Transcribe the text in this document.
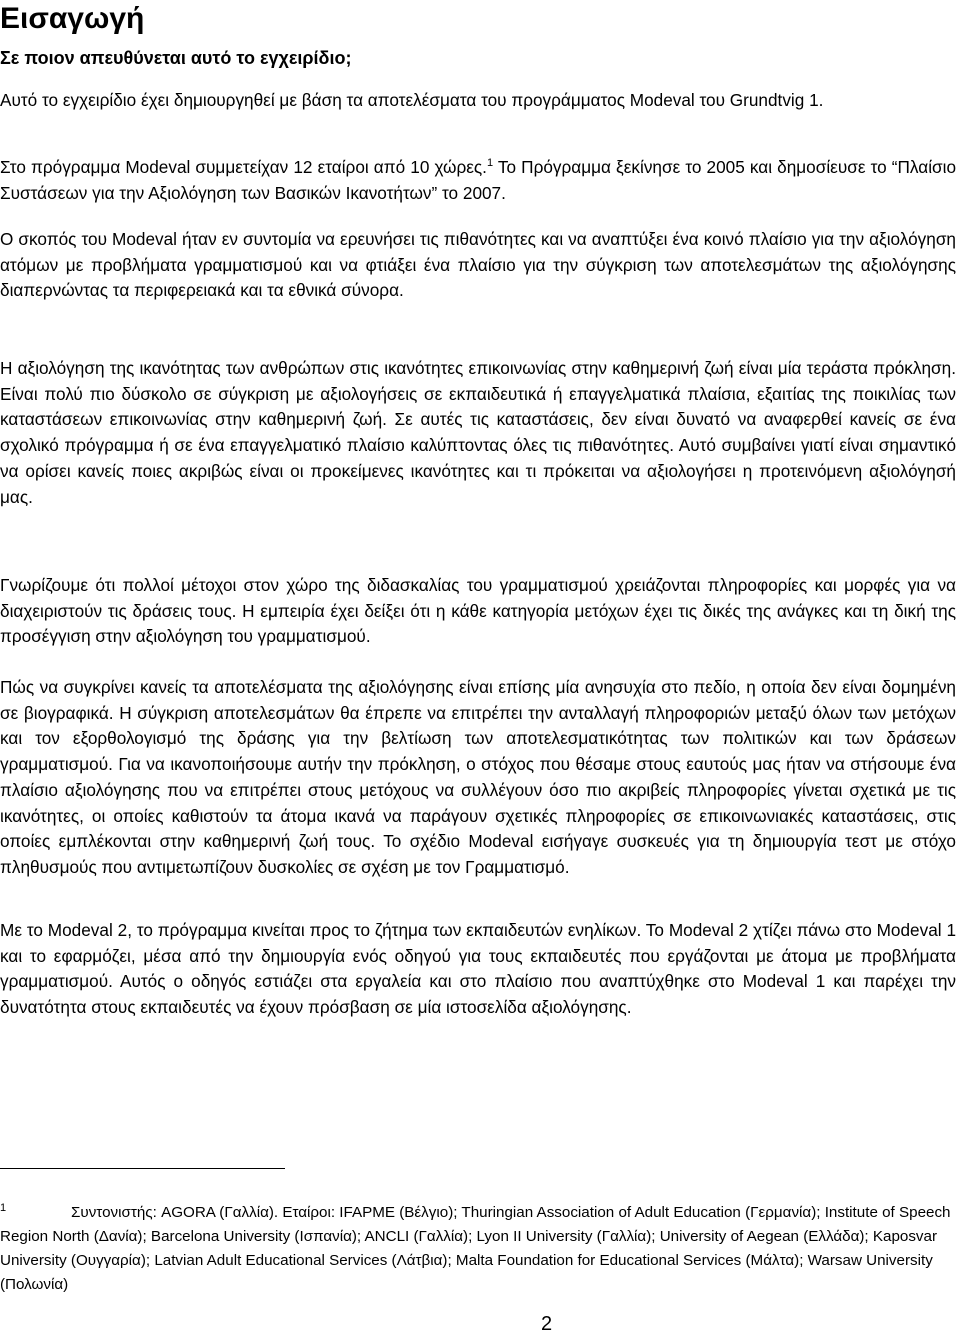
Εισαγωγή
Σε ποιον απευθύνεται αυτό το εγχειρίδιο;

Αυτό το εγχειρίδιο έχει δημιουργηθεί με βάση τα αποτελέσματα του προγράμματος Modeval του Grundtvig 1.

Στο πρόγραμμα Modeval συμμετείχαν 12 εταίροι από 10 χώρες.$^1$ Το Πρόγραμμα ξεκίνησε το 2005 και δημοσίευσε το “Πλαίσιο Συστάσεων για την Αξιολόγηση των Βασικών Ικανοτήτων” το 2007.

Ο σκοπός του Modeval ήταν εν συντομία να ερευνήσει τις πιθανότητες και να αναπτύξει ένα κοινό πλαίσιο για την αξιολόγηση ατόμων με προβλήματα γραμματισμού και να φτιάξει ένα πλαίσιο για την σύγκριση των αποτελεσμάτων της αξιολόγησης διαπερνώντας τα περιφερειακά και τα εθνικά σύνορα.

Η αξιολόγηση της ικανότητας των ανθρώπων στις ικανότητες επικοινωνίας στην καθημερινή ζωή είναι μία τεράστα πρόκληση. Είναι πολύ πιο δύσκολο σε σύγκριση με αξιολογήσεις σε εκπαιδευτικά ή επαγγελματικά πλαίσια, εξαιτίας της ποικιλίας των καταστάσεων επικοινωνίας στην καθημερινή ζωή. Σε αυτές τις καταστάσεις, δεν είναι δυνατό να αναφερθεί κανείς σε ένα σχολικό πρόγραμμα ή σε ένα επαγγελματικό πλαίσιο καλύπτοντας όλες τις πιθανότητες. Αυτό συμβαίνει γιατί είναι σημαντικό να ορίσει κανείς ποιες ακριβώς είναι οι προκείμενες ικανότητες και τι πρόκειται να αξιολογήσει η προτεινόμενη αξιολόγησή μας.

Γνωρίζουμε ότι πολλοί μέτοχοι στον χώρο της διδασκαλίας του γραμματισμού χρειάζονται πληροφορίες και μορφές για να διαχειριστούν τις δράσεις τους. Η εμπειρία έχει δείξει ότι η κάθε κατηγορία μετόχων έχει τις δικές της ανάγκες και τη δική της προσέγγιση στην αξιολόγηση του γραμματισμού.

Πώς να συγκρίνει κανείς τα αποτελέσματα της αξιολόγησης είναι επίσης μία ανησυχία στο πεδίο, η οποία δεν είναι δομημένη σε βιογραφικά. Η σύγκριση αποτελεσμάτων θα έπρεπε να επιτρέπει την ανταλλαγή πληροφοριών μεταξύ όλων των μετόχων και τον εξορθολογισμό της δράσης για την βελτίωση των αποτελεσματικότητας των πολιτικών και των δράσεων γραμματισμού. Για να ικανοποιήσουμε αυτήν την πρόκληση, ο στόχος που θέσαμε στους εαυτούς μας ήταν να στήσουμε ένα πλαίσιο αξιολόγησης που να επιτρέπει στους μετόχους να συλλέγουν όσο πιο ακριβείς πληροφορίες γίνεται σχετικά με τις ικανότητες, οι οποίες καθιστούν τα άτομα ικανά να παράγουν σχετικές πληροφορίες σε επικοινωνιακές καταστάσεις, στις οποίες εμπλέκονται στην καθημερινή ζωή τους. Το σχέδιο Modeval εισήγαγε συσκευές για τη δημιουργία τεστ με στόχο πληθυσμούς που αντιμετωπίζουν δυσκολίες σε σχέση με τον Γραμματισμό.

Με το Modeval 2, το πρόγραμμα κινείται προς το ζήτημα των εκπαιδευτών ενηλίκων. Το Modeval 2 χτίζει πάνω στο Modeval 1 και το εφαρμόζει, μέσα από την δημιουργία ενός οδηγού για τους εκπαιδευτές που εργάζονται με άτομα με προβλήματα γραμματισμού. Αυτός ο οδηγός εστιάζει στα εργαλεία και στο πλαίσιο που αναπτύχθηκε στο Modeval 1 και παρέχει την δυνατότητα στους εκπαιδευτές να έχουν πρόσβαση σε μία ιστοσελίδα αξιολόγησης.

1	Συντονιστής: AGORA (Γαλλία). Εταίροι: IFAPME (Βέλγιο); Thuringian Association of Adult Education (Γερμανία); Institute of Speech Region North (Δανία); Barcelona University (Ισπανία); ANCLI (Γαλλία); Lyon II University (Γαλλία); University of Aegean (Ελλάδα); Kaposvar University (Ουγγαρία); Latvian Adult Educational Services (Λάτβια); Malta Foundation for Educational Services (Μάλτα); Warsaw University (Πολωνία)
2
